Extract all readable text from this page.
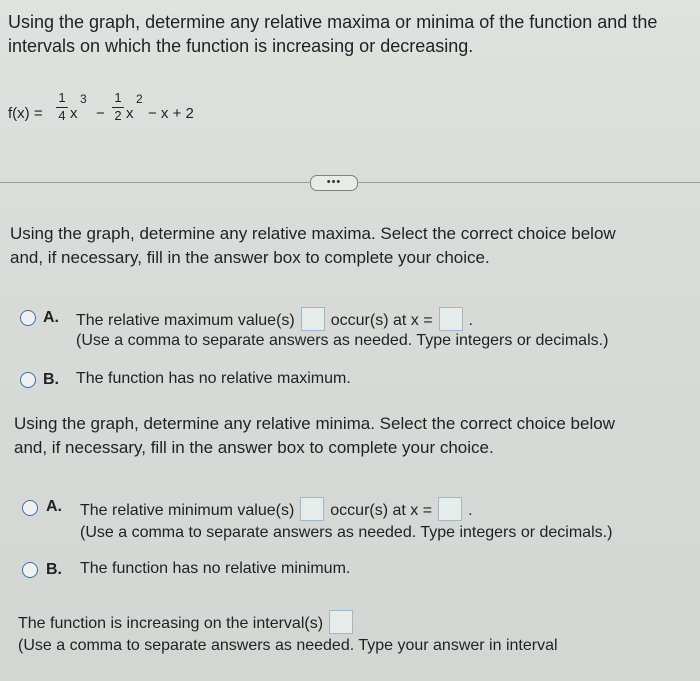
Using the graph, determine any relative maxima or minima of the function and the
intervals on which the function is increasing or decreasing.
f(x) =
1
4 x
3
−
1
2 x
2
− x + 2
•••
Using the graph, determine any relative maxima. Select the correct choice below
and, if necessary, fill in the answer box to complete your choice.
A. The relative maximum value(s) occur(s) at x = .
(Use a comma to separate answers as needed. Type integers or decimals.)
B. The function has no relative maximum.
Using the graph, determine any relative minima. Select the correct choice below
and, if necessary, fill in the answer box to complete your choice.
A. The relative minimum value(s) occur(s) at x = .
(Use a comma to separate answers as needed. Type integers or decimals.)
B. The function has no relative minimum.
The function is increasing on the interval(s)
(Use a comma to separate answers as needed. Type your answer in interval
